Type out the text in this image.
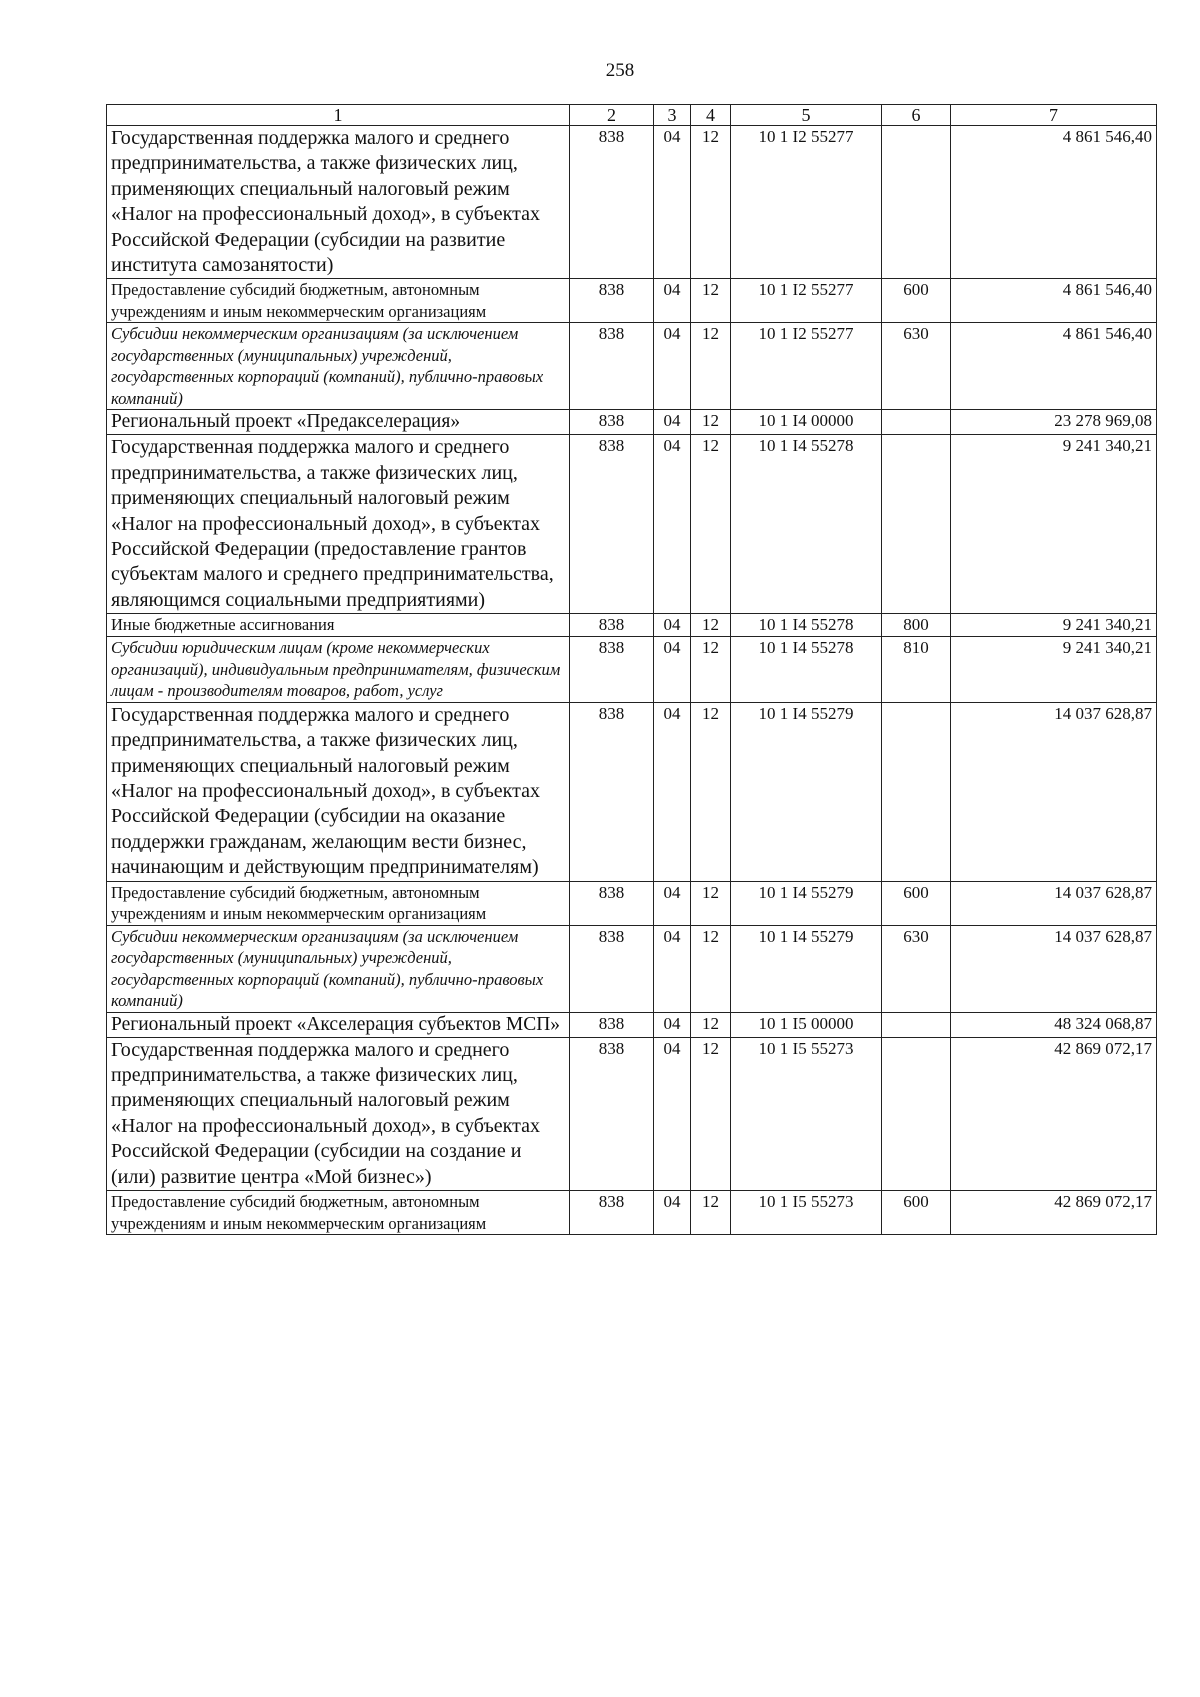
258
1	2	3	4	5	6	7
Государственная поддержка малого и среднего предпринимательства, а также физических лиц, применяющих специальный налоговый режим «Налог на профессиональный доход», в субъектах Российской Федерации (субсидии на развитие института самозанятости)	838	04	12	10 1 I2 55277		4 861 546,40
Предоставление субсидий бюджетным, автономным учреждениям и иным некоммерческим организациям	838	04	12	10 1 I2 55277	600	4 861 546,40
Субсидии некоммерческим организациям (за исключением государственных (муниципальных) учреждений, государственных корпораций (компаний), публично-правовых компаний)	838	04	12	10 1 I2 55277	630	4 861 546,40
Региональный проект «Предакселерация»	838	04	12	10 1 I4 00000		23 278 969,08
Государственная поддержка малого и среднего предпринимательства, а также физических лиц, применяющих специальный налоговый режим «Налог на профессиональный доход», в субъектах Российской Федерации (предоставление грантов субъектам малого и среднего предпринимательства, являющимся социальными предприятиями)	838	04	12	10 1 I4 55278		9 241 340,21
Иные бюджетные ассигнования	838	04	12	10 1 I4 55278	800	9 241 340,21
Субсидии юридическим лицам (кроме некоммерческих организаций), индивидуальным предпринимателям, физическим лицам - производителям товаров, работ, услуг	838	04	12	10 1 I4 55278	810	9 241 340,21
Государственная поддержка малого и среднего предпринимательства, а также физических лиц, применяющих специальный налоговый режим «Налог на профессиональный доход», в субъектах Российской Федерации (субсидии на оказание поддержки гражданам, желающим вести бизнес, начинающим и действующим предпринимателям)	838	04	12	10 1 I4 55279		14 037 628,87
Предоставление субсидий бюджетным, автономным учреждениям и иным некоммерческим организациям	838	04	12	10 1 I4 55279	600	14 037 628,87
Субсидии некоммерческим организациям (за исключением государственных (муниципальных) учреждений, государственных корпораций (компаний), публично-правовых компаний)	838	04	12	10 1 I4 55279	630	14 037 628,87
Региональный проект «Акселерация субъектов МСП»	838	04	12	10 1 I5 00000		48 324 068,87
Государственная поддержка малого и среднего предпринимательства, а также физических лиц, применяющих специальный налоговый режим «Налог на профессиональный доход», в субъектах Российской Федерации (субсидии на создание и (или) развитие центра «Мой бизнес»)	838	04	12	10 1 I5 55273		42 869 072,17
Предоставление субсидий бюджетным, автономным учреждениям и иным некоммерческим организациям	838	04	12	10 1 I5 55273	600	42 869 072,17
